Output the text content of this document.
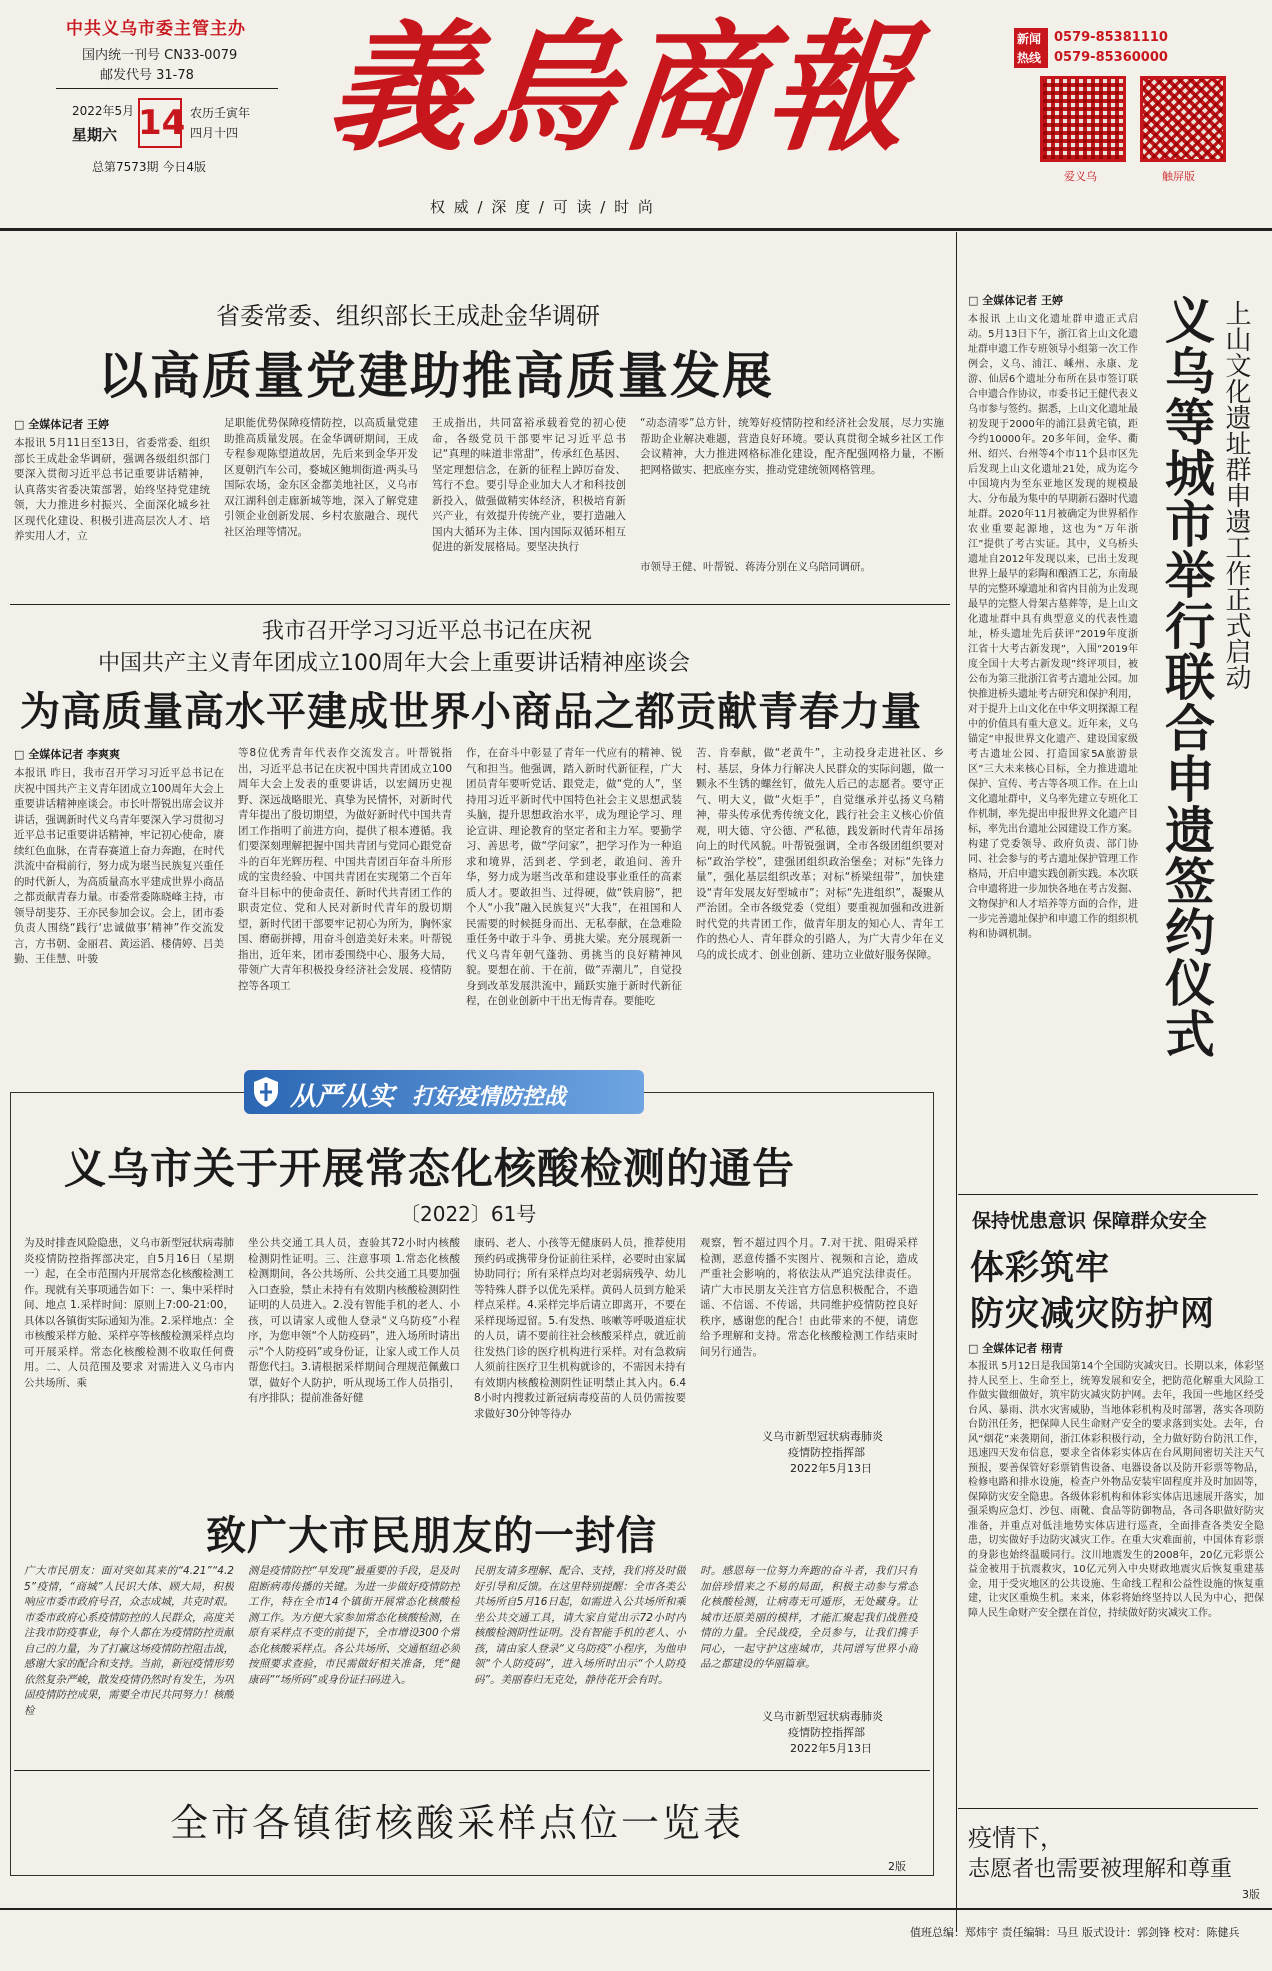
中共义乌市委主管主办
国内统一刊号 CN33-0079
邮发代号 31-78
2022年5月
星期六 14 农历壬寅年
四月十四
总第7573期 今日4版 義烏商報
权 威 / 深 度 / 可 读 / 时 尚
新闻
热线
0579-85381110
0579-85360000
爱义乌	触屏版
省委常委、组织部长王成赴金华调研
以高质量党建助推高质量发展
□ 全媒体记者 王婷
本报讯 5月11日至13日，省委常委、组织部长王成赴金华调研，强调各级组织部门要深入贯彻习近平总书记重要讲话精神，认真落实省委决策部署，始终坚持党建统领，大力推进乡村振兴、全面深化城乡社区现代化建设、积极引进高层次人才、培养实用人才，立
足职能优势保障疫情防控，以高质量党建助推高质量发展。在金华调研期间，王成专程参观陈望道故居，先后来到金华开发区夏朝汽车公司，婺城区鲍圳街道·两头马国际农场，金东区金都美地社区，义乌市双江湖科创走廊新城等地，深入了解党建引领企业创新发展、乡村农旅融合、现代社区治理等情况。
王成指出，共同富裕承载着党的初心使命，各级党员干部要牢记习近平总书记“真理的味道非常甜”，传承红色基因、坚定理想信念，在新的征程上踔厉奋发、笃行不怠。要引导企业加大人才和科技创新投入，做强做精实体经济，积极培育新兴产业，有效提升传统产业，要打造融入国内大循环为主体、国内国际双循环相互促进的新发展格局。要坚决执行
“动态清零”总方针，统筹好疫情防控和经济社会发展，尽力实施帮助企业解决难题，营造良好环境。要认真贯彻全城乡社区工作会议精神，大力推进网格标准化建设，配齐配强网格力量，不断把网格做实、把底座夯实，推动党建统领网格管理。
市领导王健、叶帮锐、蒋涛分别在义乌陪同调研。
我市召开学习习近平总书记在庆祝
中国共产主义青年团成立100周年大会上重要讲话精神座谈会
为高质量高水平建成世界小商品之都贡献青春力量
□ 全媒体记者 李爽爽
本报讯 昨日，我市召开学习习近平总书记在庆祝中国共产主义青年团成立100周年大会上重要讲话精神座谈会。市长叶帮锐出席会议并讲话，强调新时代义乌青年要深入学习贯彻习近平总书记重要讲话精神，牢记初心使命，赓续红色血脉，在青春赛道上奋力奔跑，在时代洪流中奋楫前行，努力成为堪当民族复兴重任的时代新人，为高质量高水平建成世界小商品之都贡献青春力量。市委常委陈晓峰主持，市领导胡斐芬、王亦民参加会议。会上，团市委负责人围绕“践行‘忠诚做事’精神”作交流发言，方书朝、金丽君、黄运滔、楼倩婷、吕美勤、王佳慧、叶骏
等8位优秀青年代表作交流发言。叶帮锐指出，习近平总书记在庆祝中国共青团成立100周年大会上发表的重要讲话，以宏阔历史视野、深远战略眼光、真挚为民情怀，对新时代青年提出了殷切期望，为做好新时代中国共青团工作指明了前进方向，提供了根本遵循。我们要深刻理解把握中国共青团与党同心跟党奋斗的百年光辉历程、中国共青团百年奋斗所形成的宝贵经验、中国共青团在实现第二个百年奋斗目标中的使命责任、新时代共青团工作的职责定位、党和人民对新时代青年的殷切期望，新时代团干部要牢记初心为所为，胸怀家国、磨砺拼搏，用奋斗创造美好未来。叶帮锐指出，近年来，团市委围绕中心、服务大局，带领广大青年积极投身经济社会发展、疫情防控等各项工
作，在奋斗中彰显了青年一代应有的精神、锐气和担当。他强调，踏入新时代新征程，广大团员青年要听党话、跟党走，做“党的人”，坚持用习近平新时代中国特色社会主义思想武装头脑，提升思想政治水平，成为理论学习、理论宣讲、理论教育的坚定者和主力军。要勤学习、善思考，做“学问家”，把学习作为一种追求和境界，活到老、学到老，敢追问、善升华，努力成为堪当改革和建设事业重任的高素质人才。要敢担当、过得硬，做“铁肩膀”，把个人“小我”融入民族复兴“大我”，在祖国和人民需要的时候挺身而出、无私奉献，在急难险重任务中敢于斗争、勇挑大梁。充分展现新一代义乌青年朝气蓬勃、勇挑当的良好精神风貌。要想在前、干在前，做“弄潮儿”，自觉投身到改革发展洪流中，踊跃实施于新时代新征程，在创业创新中干出无悔青春。要能吃
苦、肯奉献，做“老黄牛”，主动投身走进社区、乡村、基层，身体力行解决人民群众的实际问题，做一颗永不生锈的螺丝钉，做先人后己的志愿者。要守正气、明大义，做“火炬手”，自觉继承并弘扬义乌精神，带头传承优秀传统文化，践行社会主义核心价值观，明大德、守公德、严私德，践发新时代青年昂扬向上的时代风貌。叶帮锐强调，全市各级团组织要对标“政治学校”，建强团组织政治堡垒；对标“先锋力量”，强化基层组织改革；对标“桥梁纽带”，加快建设“青年发展友好型城市”；对标“先进组织”，凝聚从严治团。全市各级党委（党组）要重视加强和改进新时代党的共青团工作，做青年朋友的知心人、青年工作的热心人、青年群众的引路人，为广大青少年在义乌的成长成才、创业创新、建功立业做好服务保障。
从严从实 打好疫情防控战
义乌市关于开展常态化核酸检测的通告
〔2022〕61号
为及时排查风险隐患，义乌市新型冠状病毒肺炎疫情防控指挥部决定，自5月16日（星期一）起，在全市范围内开展常态化核酸检测工作。现就有关事项通告如下：一、集中采样时间、地点 1.采样时间：原则上7:00-21:00，具体以各镇街实际通知为准。2.采样地点：全市核酸采样方舱、采样亭等核酸检测采样点均可开展采样。常态化核酸检测不收取任何费用。二、人员范围及要求 对需进入义乌市内公共场所、乘
坐公共交通工具人员，查验其72小时内核酸检测阴性证明。三、注意事项 1.常态化核酸检测期间，各公共场所、公共交通工具要加强入口查验，禁止未持有有效期内核酸检测阴性证明的人员进入。2.没有智能手机的老人、小孩，可以请家人或他人登录“义乌防疫”小程序，为您申领“个人防疫码”，进入场所时请出示“个人防疫码”或身份证，让家人或工作人员帮您代扫。3.请根据采样期间合理规范佩戴口罩，做好个人防护，听从现场工作人员指引，有序排队；提前准备好健
康码、老人、小孩等无健康码人员，推荐使用预约码或携带身份证前往采样，必要时由家属协助同行；所有采样点均对老弱病残孕、幼儿等特殊人群予以优先采样。黄码人员到方舱采样点采样。4.采样完毕后请立即离开，不要在采样现场逗留。5.有发热、咳嗽等呼吸道症状的人员，请不要前往社会核酸采样点，就近前往发热门诊的医疗机构进行采样。对有急救病人须前往医疗卫生机构就诊的，不需因未持有有效期内核酸检测阴性证明禁止其入内。6.48小时内搜救过新冠病毒疫苗的人员仍需按要求做好30分钟等待办
观察，暂不超过四个月。7.对干扰、阻碍采样检测，恶意传播不实图片、视频和言论，造成严重社会影响的，将依法从严追究法律责任。请广大市民朋友关注官方信息积极配合，不造谣、不信谣、不传谣，共同维护疫情防控良好秩序，感谢您的配合！由此带来的不便，请您给予理解和支持。常态化核酸检测工作结束时间另行通告。
义乌市新型冠状病毒肺炎
疫情防控指挥部
2022年5月13日
致广大市民朋友的一封信
广大市民朋友：面对突如其来的“4.21”“4.25”疫情，“商城”人民识大体、顾大局，积极响应市委市政府号召，众志成城，共克时艰。市委市政府心系疫情防控的人民群众，高度关注我市防疫事业，每个人都在为疫情防控贡献自己的力量，为了打赢这场疫情防控阻击战，感谢大家的配合和支持。当前，新冠疫情形势依然复杂严峻，散发疫情仍然时有发生，为巩固疫情防控成果，需要全市民共同努力！核酸检
测是疫情防控“早发现”最重要的手段，是及时阻断病毒传播的关键。为进一步做好疫情防控工作，特在全市14个镇街开展常态化核酸检测工作。为方便大家参加常态化核酸检测，在原有采样点不变的前提下，全市增设300个常态化核酸采样点。各公共场所、交通枢纽必须按照要求查验，市民需做好相关准备，凭“健康码”“场所码”或身份证扫码进入。
民朋友请多理解、配合、支持，我们将及时做好引导和反馈。在这里特别提醒：全市各类公共场所自5月16日起，如需进入公共场所和乘坐公共交通工具，请大家自觉出示72小时内核酸检测阴性证明。没有智能手机的老人、小孩，请由家人登录“义乌防疫”小程序，为他申领“个人防疫码”，进入场所时出示“个人防疫码”。美丽春归无克处，静待花开会有时。
时。感恩每一位努力奔跑的奋斗者，我们只有加倍珍惜来之不易的局面，积极主动参与常态化核酸检测，让病毒无可遁形，无处藏身。让城市还原美丽的模样，才能汇聚起我们战胜疫情的力量。全民战疫，全员参与，让我们携手同心，一起守护这座城市，共同谱写世界小商品之都建设的华丽篇章。
义乌市新型冠状病毒肺炎
疫情防控指挥部
2022年5月13日
全市各镇街核酸采样点位一览表
2版
□ 全媒体记者 王婷	上山文化遗址群申遗工作正式启动
义乌等城市举行联合申遗签约仪式
本报讯 上山文化遗址群申遗正式启动。5月13日下午，浙江省上山文化遗址群申遗工作专班领导小组第一次工作例会，义乌、浦江、嵊州、永康、龙游、仙居6个遗址分布所在县市签订联合申遗合作协议，市委书记王健代表义乌市参与签约。据悉，上山文化遗址最初发现于2000年的浦江县黄宅镇，距今约10000年。20多年间，金华、衢州、绍兴、台州等4个市11个县市区先后发现上山文化遗址21处，成为迄今中国境内为至东亚地区发现的规模最大、分布最为集中的早期新石器时代遗址群。2020年11月被确定为世界稻作农业重要起源地，这也为“万年浙江”提供了考古实证。其中，义乌桥头遗址自2012年发现以来，已出土发现世界上最早的彩陶和酿酒工艺，东南最早的完整环壕遗址和省内目前为止发现最早的完整人骨架古墓葬等，是上山文化遗址群中具有典型意义的代表性遗址，桥头遗址先后获评“2019年度浙江省十大考古新发现”，入围“2019年度全国十大考古新发现”终评项目，被公布为第三批浙江省考古遗址公园。加快推进桥头遗址考古研究和保护利用，对于提升上山文化在中华文明探源工程中的价值具有重大意义。近年来，义乌锚定“申报世界文化遗产、建设国家级考古遗址公园、打造国家5A旅游景区”三大未来核心目标，全力推进遗址保护、宣传、考古等各项工作。在上山文化遗址群中，义乌率先建立专班化工作机制，率先提出申报世界文化遗产目标，率先出台遗址公园建设工作方案。构建了党委领导、政府负责、部门协同、社会参与的考古遗址保护管理工作格局，开启申遗实践创新实践。本次联合申遗将进一步加快各地在考古发掘、文物保护和人才培养等方面的合作，进一步完善遗址保护和申遗工作的组织机构和协调机制。
保持忧患意识 保障群众安全
体彩筑牢
防灾减灾防护网
□ 全媒体记者 栩青
本报讯 5月12日是我国第14个全国防灾减灾日。长期以来，体彩坚持人民至上、生命至上，统筹发展和安全，把防范化解重大风险工作做实做细做好，筑牢防灾减灾防护网。去年，我国一些地区经受台风、暴雨、洪水灾害威胁，当地体彩机构及时部署，落实各项防台防汛任务，把保障人民生命财产安全的要求落到实处。去年，台风“烟花”来袭期间，浙江体彩积极行动，全力做好防台防汛工作，迅速四天发布信息，要求全省体彩实体店在台风期间密切关注天气预报，要善保管好彩票销售设备、电器设备以及防开彩票等物品，检修电路和排水设施，检查户外物品安装牢固程度并及时加固等，保障防灾安全隐患。各级体彩机构和体彩实体店迅速展开落实，加强采购应急灯、沙包、雨靴、食品等防御物品，各司各职做好防灾准备，并重点对低洼地势实体店进行巡查，全面排查各类安全隐患，切实做好手边防灾减灾工作。在重大灾难面前，中国体育彩票的身影也始终温暖同行。汶川地震发生的2008年，20亿元彩票公益金被用于抗震救灾，10亿元列入中央财政地震灾后恢复重建基金，用于受灾地区的公共设施、生命线工程和公益性设施的恢复重建，让灾区重焕生机。来来，体彩将始终坚持以人民为中心，把保障人民生命财产安全摆在首位，持续做好防灾减灾工作。
疫情下，
志愿者也需要被理解和尊重
3版
值班总编：郑炜宇 责任编辑：马旦 版式设计：郭剑锋 校对：陈健兵
